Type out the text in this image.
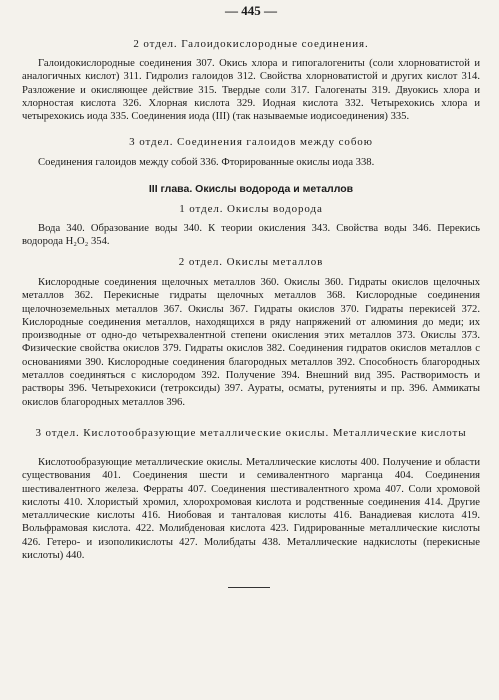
— 445 —
2 отдел. Галоидокислородные соединения.
Галоидокислородные соединения 307. Окись хлора и гипогалогениты (соли хлорноватистой и аналогичных кислот) 311. Гидролиз галоидов 312. Свойства хлорноватистой и других кислот 314. Разложение и окисляющее действие 315. Твердые соли 317. Галогенаты 319. Двуокись хлора и хлорностая кислота 326. Хлорная кислота 329. Иодная кислота 332. Четырехокись хлора и четырехокись иода 335. Соединения иода (III) (так называемые иодисоединения) 335.
3 отдел. Соединения галоидов между собою
Соединения галоидов между собой 336. Фторированные окислы иода 338.
III глава. Окислы водорода и металлов
1 отдел. Окислы водорода
Вода 340. Образование воды 340. К теории окисления 343. Свойства воды 346. Перекись водорода H₂O₂ 354.
2 отдел. Окислы металлов
Кислородные соединения щелочных металлов 360. Окислы 360. Гидраты окислов щелочных металлов 362. Перекисные гидраты щелочных металлов 368. Кислородные соединения щелочноземельных металлов 367. Окислы 367. Гидраты окислов 370. Гидраты перекисей 372. Кислородные соединения металлов, находящихся в ряду напряжений от алюминия до меди; их производные от одно-до четырехвалентной степени окисления этих металлов 373. Окислы 373. Физические свойства окислов 379. Гидраты окислов 382. Соединения гидратов окислов металлов с основаниями 390. Кислородные соединения благородных металлов 392. Способность благородных металлов соединяться с кислородом 392. Получение 394. Внешний вид 395. Растворимость и растворы 396. Четырехокиси (тетроксиды) 397. Аураты, осматы, рутенияты и пр. 396. Аммикаты окислов благородных металлов 396.
3 отдел. Кислотообразующие металлические окислы. Металлические кислоты
Кислотообразующие металлические окислы. Металлические кислоты 400. Получение и области существования 401. Соединения шести и семивалентного марганца 404. Соединения шестивалентного железа. Ферраты 407. Соединения шестивалентного хрома 407. Соли хромовой кислоты 410. Хлористый хромил, хлорохромовая кислота и родственные соединения 414. Другие металлические кислоты 416. Ниобовая и танталовая кислоты 416. Ванадиевая кислота 419. Вольфрамовая кислота. 422. Молибденовая кислота 423. Гидрированные металлические кислоты 426. Гетеро- и изополикислоты 427. Молибдаты 438. Металлические надкислоты (перекисные кислоты) 440.
